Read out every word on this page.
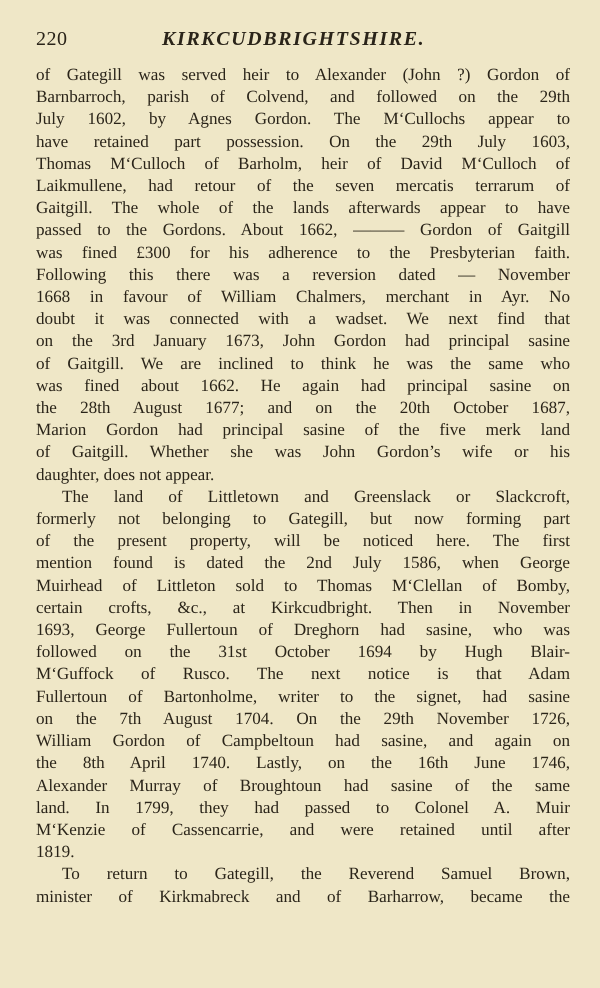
220	KIRKCUDBRIGHTSHIRE.
of Gategill was served heir to Alexander (John ?) Gordon of
Barnbarroch, parish of Colvend, and followed on the 29th
July 1602, by Agnes Gordon. The M‘Cullochs appear to
have retained part possession. On the 29th July 1603,
Thomas M‘Culloch of Barholm, heir of David M‘Culloch of
Laikmullene, had retour of the seven mercatis terrarum of
Gaitgill. The whole of the lands afterwards appear to have
passed to the Gordons. About 1662, ——— Gordon of Gaitgill
was fined £300 for his adherence to the Presbyterian faith.
Following this there was a reversion dated — November
1668 in favour of William Chalmers, merchant in Ayr. No
doubt it was connected with a wadset. We next find that
on the 3rd January 1673, John Gordon had principal sasine
of Gaitgill. We are inclined to think he was the same who
was fined about 1662. He again had principal sasine on
the 28th August 1677; and on the 20th October 1687,
Marion Gordon had principal sasine of the five merk land
of Gaitgill. Whether she was John Gordon’s wife or his
daughter, does not appear.
The land of Littletown and Greenslack or Slackcroft,
formerly not belonging to Gategill, but now forming part
of the present property, will be noticed here. The first
mention found is dated the 2nd July 1586, when George
Muirhead of Littleton sold to Thomas M‘Clellan of Bomby,
certain crofts, &c., at Kirkcudbright. Then in November
1693, George Fullertoun of Dreghorn had sasine, who was
followed on the 31st October 1694 by Hugh Blair-
M‘Guffock of Rusco. The next notice is that Adam
Fullertoun of Bartonholme, writer to the signet, had sasine
on the 7th August 1704. On the 29th November 1726,
William Gordon of Campbeltoun had sasine, and again on
the 8th April 1740. Lastly, on the 16th June 1746,
Alexander Murray of Broughtoun had sasine of the same
land. In 1799, they had passed to Colonel A. Muir
M‘Kenzie of Cassencarrie, and were retained until after
1819.
To return to Gategill, the Reverend Samuel Brown,
minister of Kirkmabreck and of Barharrow, became the
